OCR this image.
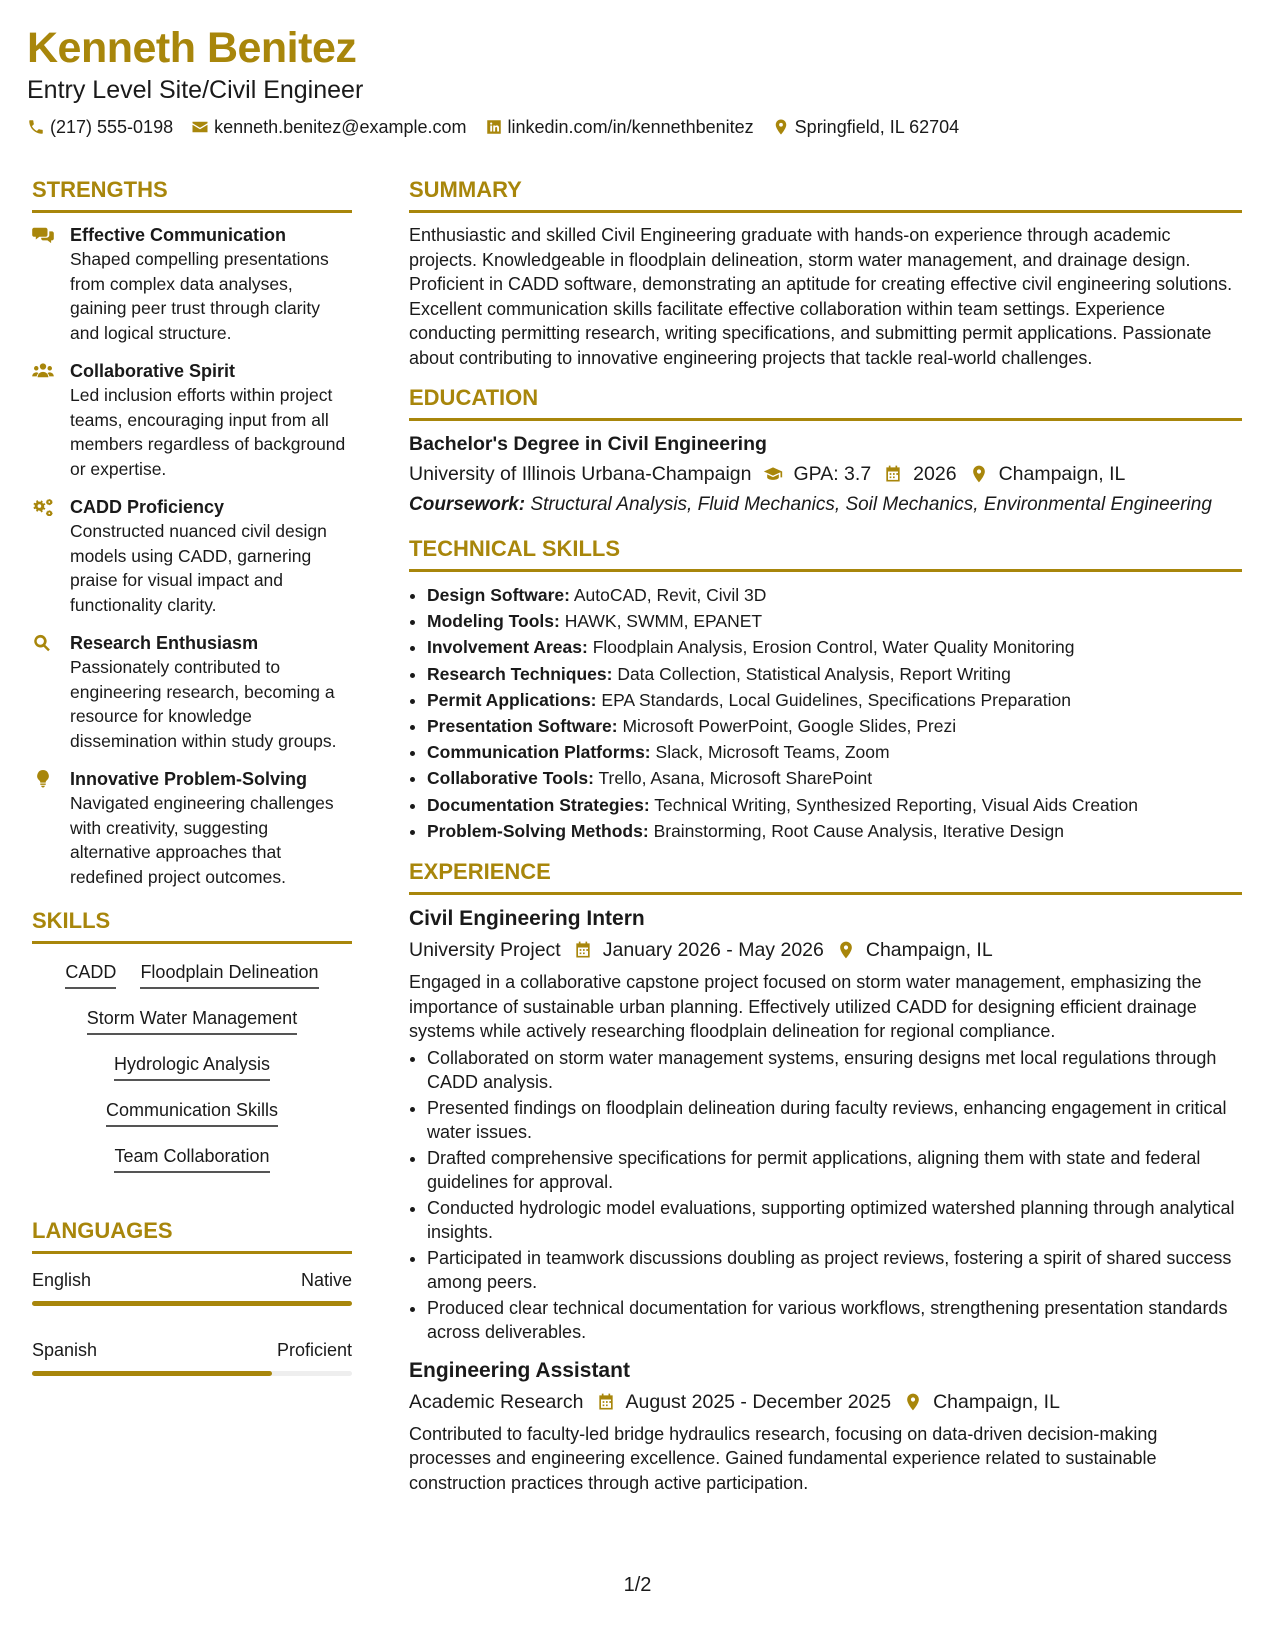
Kenneth Benitez
Entry Level Site/Civil Engineer
(217) 555-0198 kenneth.benitez@example.com linkedin.com/in/kennethbenitez Springfield, IL 62704
STRENGTHS
Effective Communication
Shaped compelling presentations from complex data analyses, gaining peer trust through clarity and logical structure.
Collaborative Spirit
Led inclusion efforts within project teams, encouraging input from all members regardless of background or expertise.
CADD Proficiency
Constructed nuanced civil design models using CADD, garnering praise for visual impact and functionality clarity.
Research Enthusiasm
Passionately contributed to engineering research, becoming a resource for knowledge dissemination within study groups.
Innovative Problem-Solving
Navigated engineering challenges with creativity, suggesting alternative approaches that redefined project outcomes.
SKILLS
CADD Floodplain Delineation
Storm Water Management
Hydrologic Analysis
Communication Skills
Team Collaboration
LANGUAGES
English	Native
Spanish	Proficient
SUMMARY

Enthusiastic and skilled Civil Engineering graduate with hands-on experience through academic projects. Knowledgeable in floodplain delineation, storm water management, and drainage design. Proficient in CADD software, demonstrating an aptitude for creating effective civil engineering solutions. Excellent communication skills facilitate effective collaboration within team settings. Experience conducting permitting research, writing specifications, and submitting permit applications. Passionate about contributing to innovative engineering projects that tackle real-world challenges.

EDUCATION
Bachelor's Degree in Civil Engineering
University of Illinois Urbana-Champaign GPA: 3.7 2026 Champaign, IL
Coursework: Structural Analysis, Fluid Mechanics, Soil Mechanics, Environmental Engineering
TECHNICAL SKILLS
• Design Software: AutoCAD, Revit, Civil 3D
• Modeling Tools: HAWK, SWMM, EPANET
• Involvement Areas: Floodplain Analysis, Erosion Control, Water Quality Monitoring
• Research Techniques: Data Collection, Statistical Analysis, Report Writing
• Permit Applications: EPA Standards, Local Guidelines, Specifications Preparation
• Presentation Software: Microsoft PowerPoint, Google Slides, Prezi
• Communication Platforms: Slack, Microsoft Teams, Zoom
• Collaborative Tools: Trello, Asana, Microsoft SharePoint
• Documentation Strategies: Technical Writing, Synthesized Reporting, Visual Aids Creation
• Problem-Solving Methods: Brainstorming, Root Cause Analysis, Iterative Design
EXPERIENCE
Civil Engineering Intern
University Project January 2026 - May 2026 Champaign, IL

Engaged in a collaborative capstone project focused on storm water management, emphasizing the importance of sustainable urban planning. Effectively utilized CADD for designing efficient drainage systems while actively researching floodplain delineation for regional compliance.

• Collaborated on storm water management systems, ensuring designs met local regulations through CADD analysis.
• Presented findings on floodplain delineation during faculty reviews, enhancing engagement in critical water issues.
• Drafted comprehensive specifications for permit applications, aligning them with state and federal guidelines for approval.
• Conducted hydrologic model evaluations, supporting optimized watershed planning through analytical insights.
• Participated in teamwork discussions doubling as project reviews, fostering a spirit of shared success among peers.
• Produced clear technical documentation for various workflows, strengthening presentation standards across deliverables.
Engineering Assistant
Academic Research August 2025 - December 2025 Champaign, IL

Contributed to faculty-led bridge hydraulics research, focusing on data-driven decision-making processes and engineering excellence. Gained fundamental experience related to sustainable construction practices through active participation.

1/2
